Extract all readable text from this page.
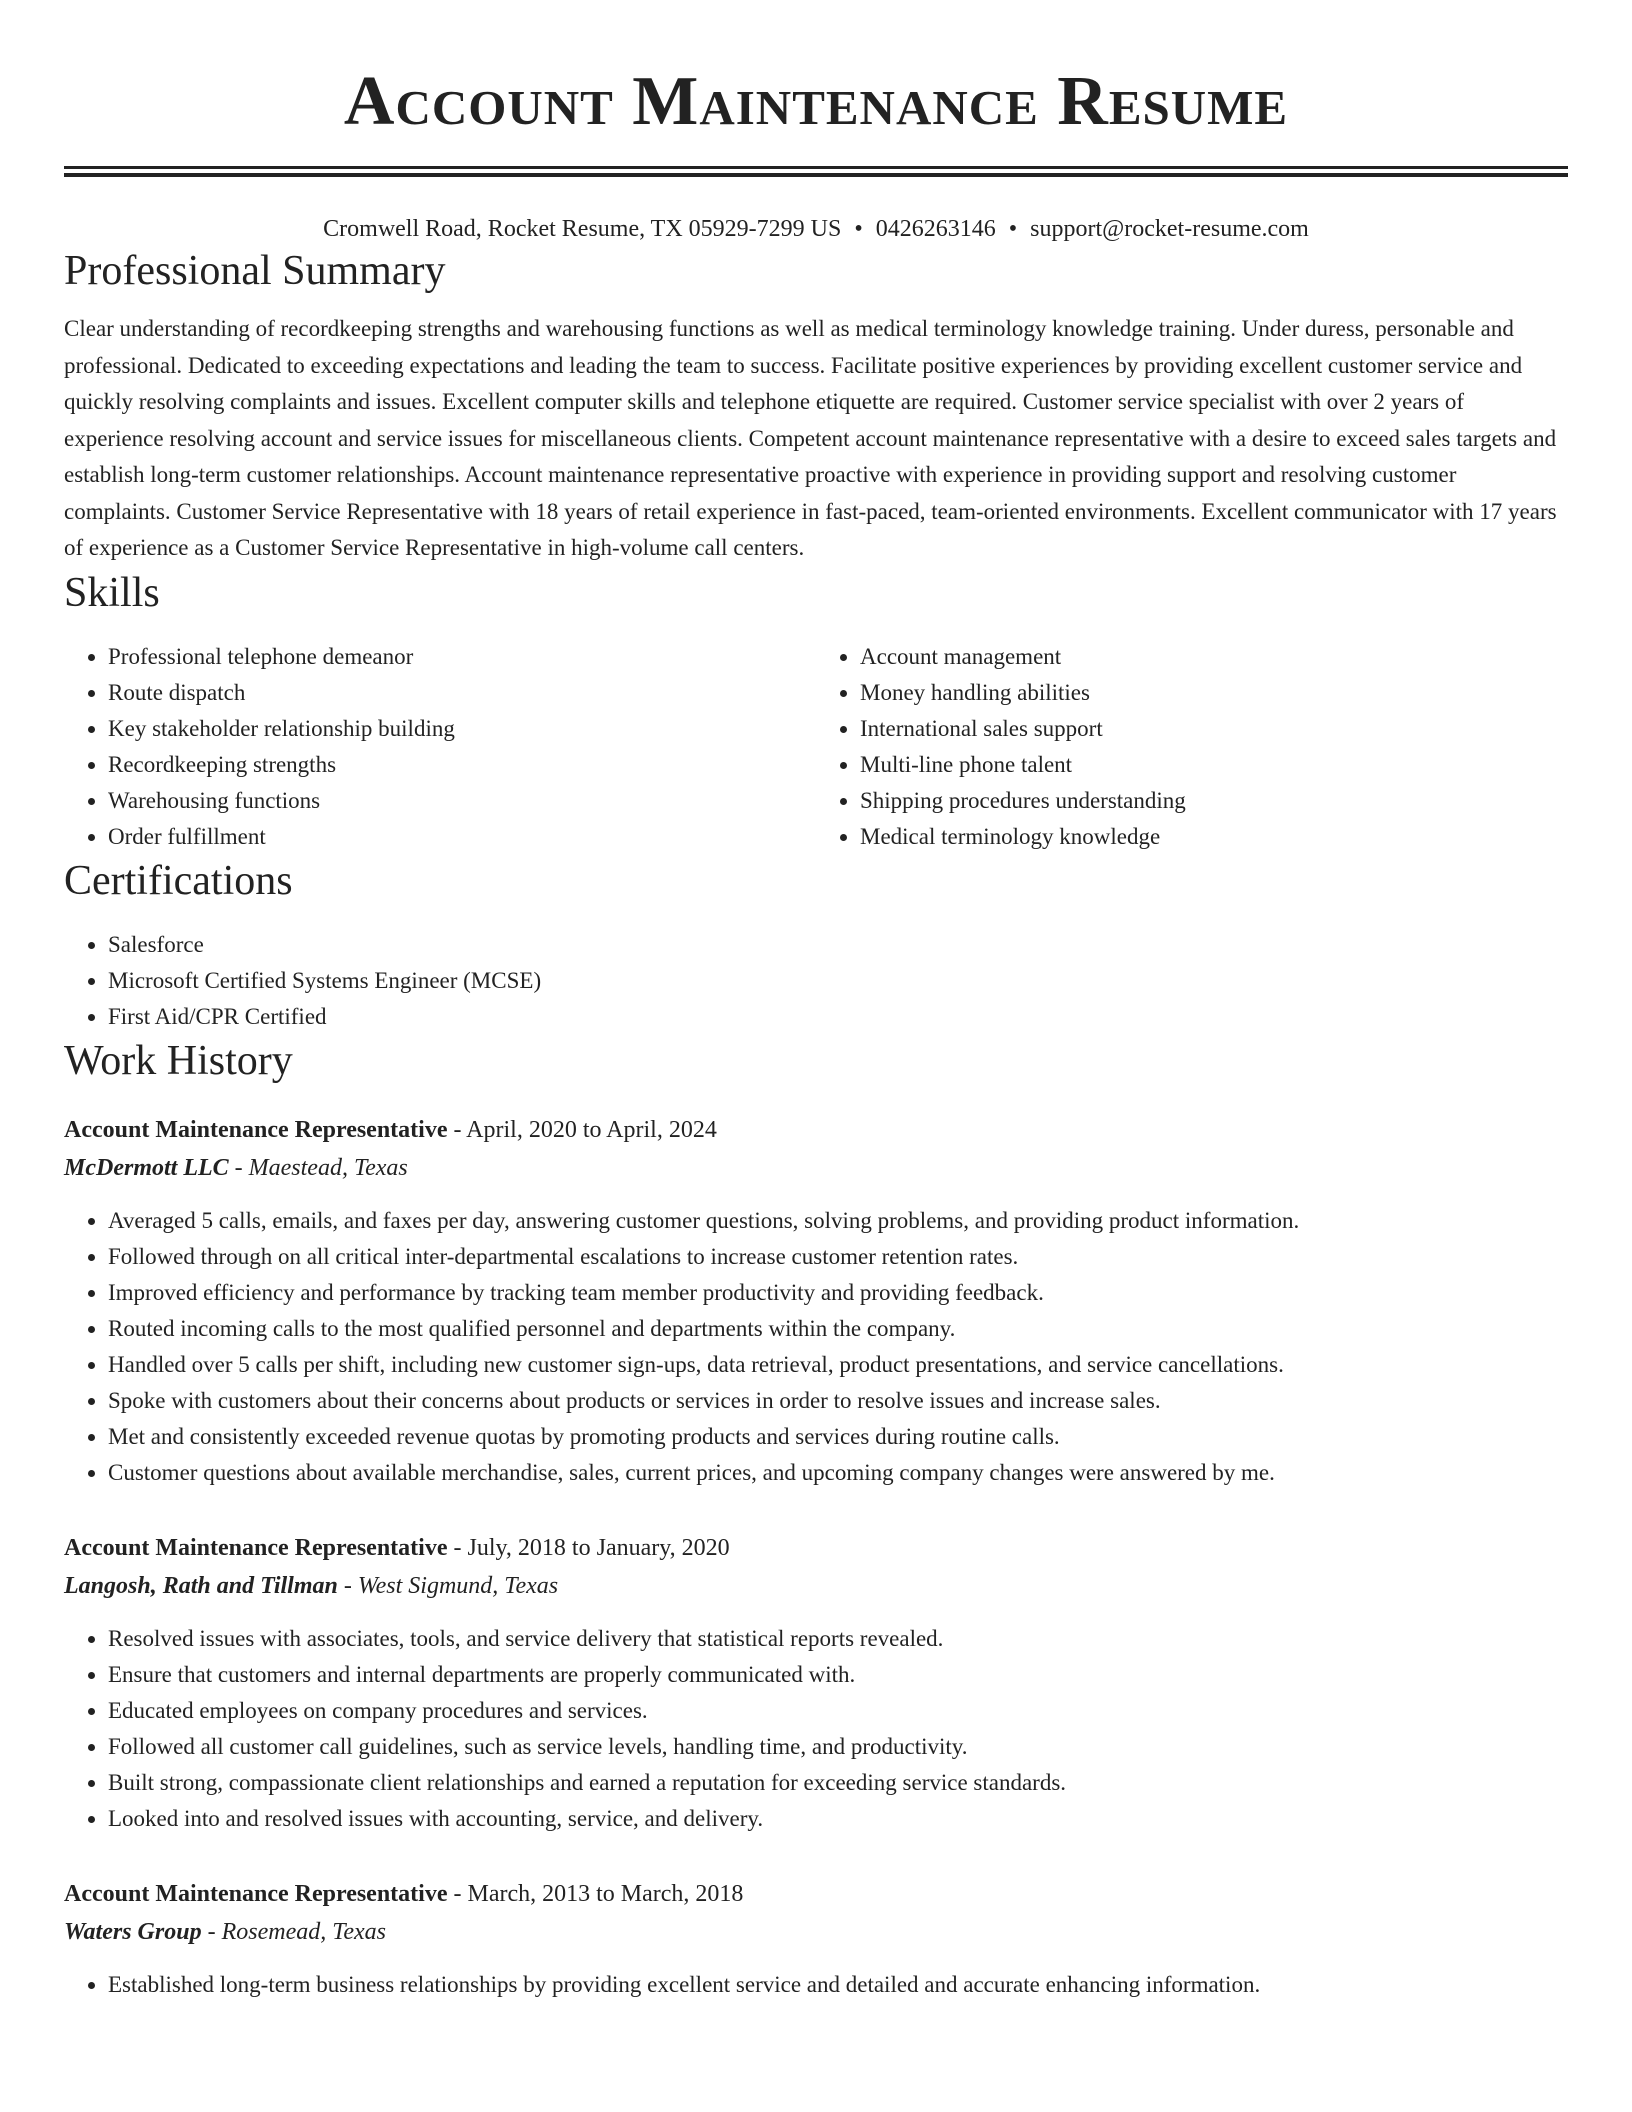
Account Maintenance Resume
Cromwell Road, Rocket Resume, TX 05929-7299 US • 0426263146 • support@rocket-resume.com
Professional Summary

Clear understanding of recordkeeping strengths and warehousing functions as well as medical terminology knowledge training. Under duress, personable and professional. Dedicated to exceeding expectations and leading the team to success. Facilitate positive experiences by providing excellent customer service and quickly resolving complaints and issues. Excellent computer skills and telephone etiquette are required. Customer service specialist with over 2 years of experience resolving account and service issues for miscellaneous clients. Competent account maintenance representative with a desire to exceed sales targets and establish long-term customer relationships. Account maintenance representative proactive with experience in providing support and resolving customer complaints. Customer Service Representative with 18 years of retail experience in fast-paced, team-oriented environments. Excellent communicator with 17 years of experience as a Customer Service Representative in high-volume call centers.

Skills
• Professional telephone demeanor
• Route dispatch
• Key stakeholder relationship building
• Recordkeeping strengths
• Warehousing functions
• Order fulfillment
• Account management
• Money handling abilities
• International sales support
• Multi-line phone talent
• Shipping procedures understanding
• Medical terminology knowledge
Certifications
• Salesforce
• Microsoft Certified Systems Engineer (MCSE)
• First Aid/CPR Certified
Work History
Account Maintenance Representative - April, 2020 to April, 2024
McDermott LLC - Maestead, Texas
• Averaged 5 calls, emails, and faxes per day, answering customer questions, solving problems, and providing product information.
• Followed through on all critical inter-departmental escalations to increase customer retention rates.
• Improved efficiency and performance by tracking team member productivity and providing feedback.
• Routed incoming calls to the most qualified personnel and departments within the company.
• Handled over 5 calls per shift, including new customer sign-ups, data retrieval, product presentations, and service cancellations.
• Spoke with customers about their concerns about products or services in order to resolve issues and increase sales.
• Met and consistently exceeded revenue quotas by promoting products and services during routine calls.
• Customer questions about available merchandise, sales, current prices, and upcoming company changes were answered by me.
Account Maintenance Representative - July, 2018 to January, 2020
Langosh, Rath and Tillman - West Sigmund, Texas
• Resolved issues with associates, tools, and service delivery that statistical reports revealed.
• Ensure that customers and internal departments are properly communicated with.
• Educated employees on company procedures and services.
• Followed all customer call guidelines, such as service levels, handling time, and productivity.
• Built strong, compassionate client relationships and earned a reputation for exceeding service standards.
• Looked into and resolved issues with accounting, service, and delivery.
Account Maintenance Representative - March, 2013 to March, 2018
Waters Group - Rosemead, Texas
• Established long-term business relationships by providing excellent service and detailed and accurate enhancing information.
